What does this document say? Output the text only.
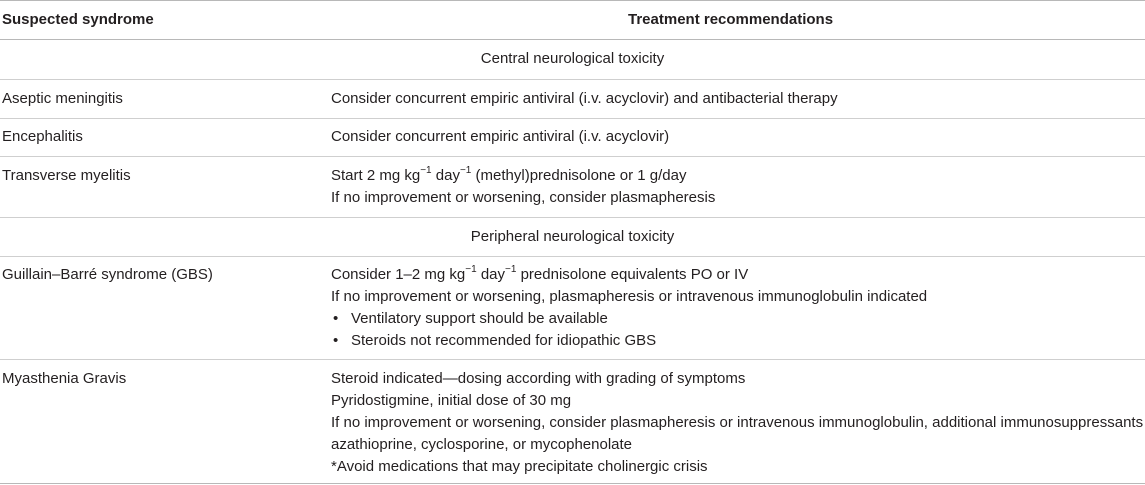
Suspected syndrome	Treatment recommendations
Central neurological toxicity
Aseptic meningitis	Consider concurrent empiric antiviral (i.v. acyclovir) and antibacterial therapy
Encephalitis	Consider concurrent empiric antiviral (i.v. acyclovir)
Transverse myelitis	Start 2 mg $kg^{-1}$ day$^{-1}$ (methyl)prednisolone or 1 g/day
If no improvement or worsening, consider plasmapheresis
Peripheral neurological toxicity
Guillain–Barré syndrome (GBS)	Consider 1–2 mg $kg^{-1}$ day$^{-1}$ prednisolone equivalents PO or IV
If no improvement or worsening, plasmapheresis or intravenous immunoglobulin indicated
• Ventilatory support should be available
• Steroids not recommended for idiopathic GBS
Myasthenia Gravis	Steroid indicated—dosing according with grading of symptoms
Pyridostigmine, initial dose of 30 mg
If no improvement or worsening, consider plasmapheresis or intravenous immunoglobulin, additional immunosuppressants
azathioprine, cyclosporine, or mycophenolate
*Avoid medications that may precipitate cholinergic crisis
